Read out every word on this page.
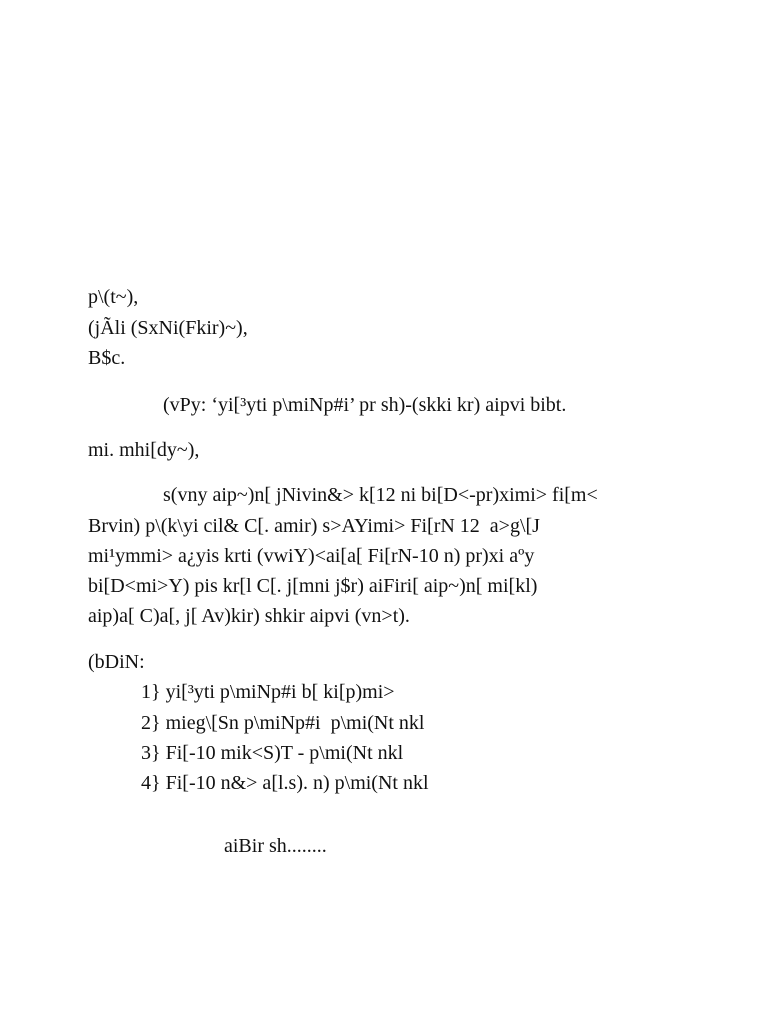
p\(t~),
(jÃli (SxNi(Fkir)~),
B$c.
(vPy: ‘yi[³yti p\miNp#i’ pr sh)-(skki kr) aipvi bibt.
mi. mhi[dy~),
s(vny aip~)n[ jNivin&> k[12 ni bi[D<-pr)ximi> fi[m<
Brvin) p\(k\yi cil& C[. amir) s>AYimi> Fi[rN 12  a>g\[J
mi¹ymmi> a¿yis krti (vwiY)<ai[a[ Fi[rN-10 n) pr)xi aºy
bi[D<mi>Y) pis kr[l C[. j[mni j$r) aiFiri[ aip~)n[ mi[kl)
aip)a[ C)a[, j[ Av)kir) shkir aipvi (vn>t).
(bDiN:
1} yi[³yti p\miNp#i b[ ki[p)mi>
2} mieg\[Sn p\miNp#i  p\mi(Nt nkl
3} Fi[-10 mik<S)T - p\mi(Nt nkl
4} Fi[-10 n&> a[l.s). n) p\mi(Nt nkl
aiBir sh........
